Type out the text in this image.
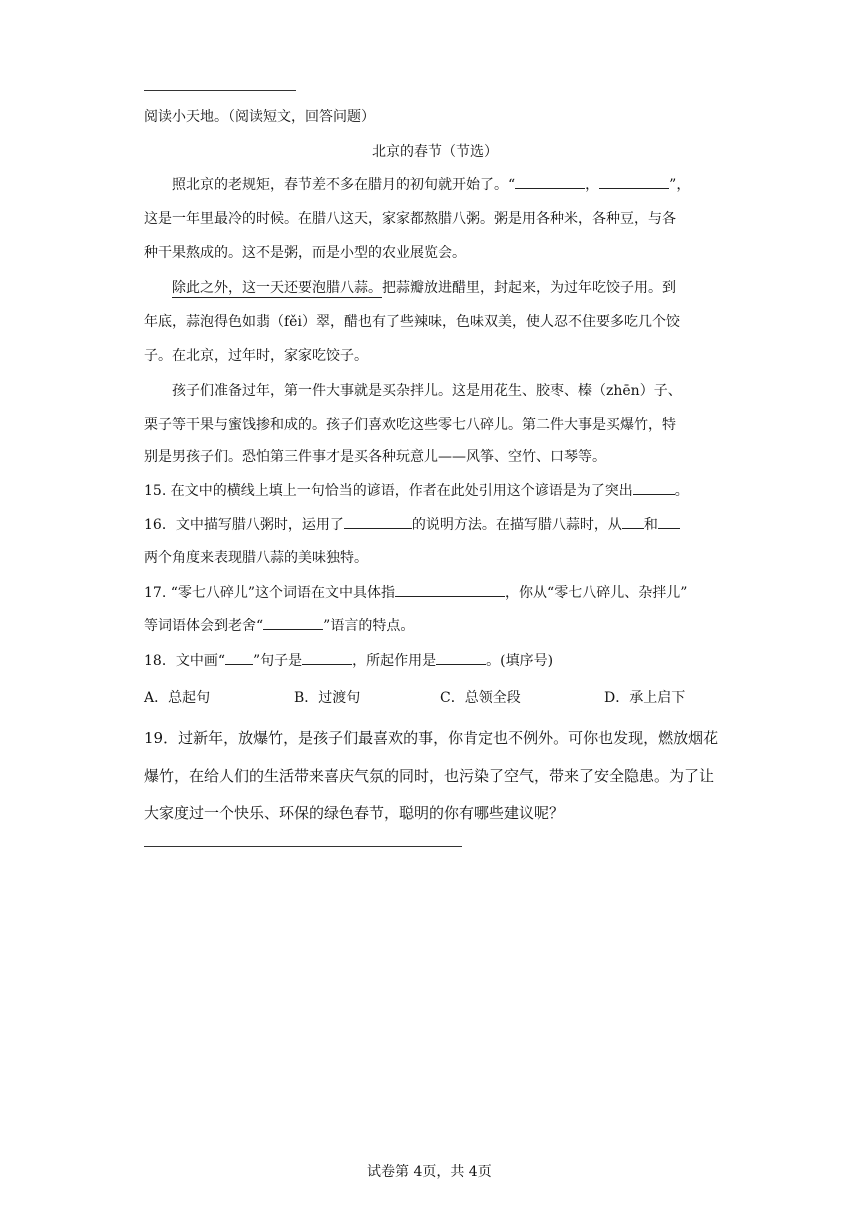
阅读小天地。（阅读短文，回答问题）
北京的春节（节选）
照北京的老规矩，春节差不多在腊月的初旬就开始了。“	，	”，
这是一年里最冷的时候。在腊八这天，家家都熬腊八粥。粥是用各种米，各种豆，与各
种干果熬成的。这不是粥，而是小型的农业展览会。
除此之外，这一天还要泡腊八蒜。把蒜瓣放进醋里，封起来，为过年吃饺子用。到
年底，蒜泡得色如翡（fěi）翠，醋也有了些辣味，色味双美，使人忍不住要多吃几个饺
子。在北京，过年时，家家吃饺子。
孩子们准备过年，第一件大事就是买杂拌儿。这是用花生、胶枣、榛（zhēn）子、
栗子等干果与蜜饯掺和成的。孩子们喜欢吃这些零七八碎儿。第二件大事是买爆竹，特
别是男孩子们。恐怕第三件事才是买各种玩意儿——风筝、空竹、口琴等。
15. 在文中的横线上填上一句恰当的谚语，作者在此处引用这个谚语是为了突出	。
16．文中描写腊八粥时，运用了	的说明方法。在描写腊八蒜时，从 和
两个角度来表现腊八蒜的美味独特。
17. “零七八碎儿”这个词语在文中具体指	，你从“零七八碎儿、杂拌儿”
等词语体会到老舍“	”语言的特点。
18．文中画“ ”句子是	，所起作用是	。(填序号)
A．总起句	B．过渡句	C．总领全段	D．承上启下
19．过新年，放爆竹，是孩子们最喜欢的事，你肯定也不例外。可你也发现，燃放烟花
爆竹，在给人们的生活带来喜庆气氛的同时，也污染了空气，带来了安全隐患。为了让
大家度过一个快乐、环保的绿色春节，聪明的你有哪些建议呢？
试卷第 4页，共 4页
